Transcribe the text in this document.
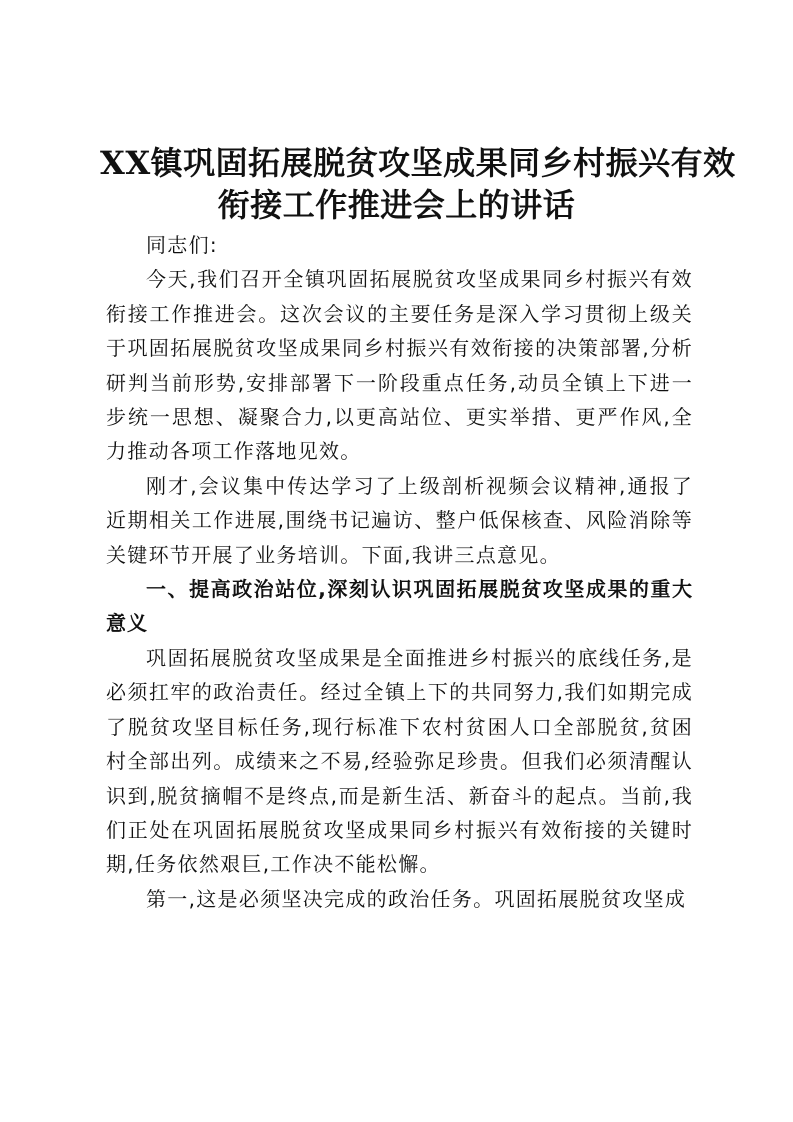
XX镇巩固拓展脱贫攻坚成果同乡村振兴有效
衔接工作推进会上的讲话

同志们:

今天,我们召开全镇巩固拓展脱贫攻坚成果同乡村振兴有效衔接工作推进会。这次会议的主要任务是深入学习贯彻上级关于巩固拓展脱贫攻坚成果同乡村振兴有效衔接的决策部署,分析研判当前形势,安排部署下一阶段重点任务,动员全镇上下进一步统一思想、凝聚合力,以更高站位、更实举措、更严作风,全力推动各项工作落地见效。

刚才,会议集中传达学习了上级剖析视频会议精神,通报了近期相关工作进展,围绕书记遍访、整户低保核查、风险消除等关键环节开展了业务培训。下面,我讲三点意见。

一、提高政治站位,深刻认识巩固拓展脱贫攻坚成果的重大意义

巩固拓展脱贫攻坚成果是全面推进乡村振兴的底线任务,是必须扛牢的政治责任。经过全镇上下的共同努力,我们如期完成了脱贫攻坚目标任务,现行标准下农村贫困人口全部脱贫,贫困村全部出列。成绩来之不易,经验弥足珍贵。但我们必须清醒认识到,脱贫摘帽不是终点,而是新生活、新奋斗的起点。当前,我们正处在巩固拓展脱贫攻坚成果同乡村振兴有效衔接的关键时期,任务依然艰巨,工作决不能松懈。

第一,这是必须坚决完成的政治任务。巩固拓展脱贫攻坚成
